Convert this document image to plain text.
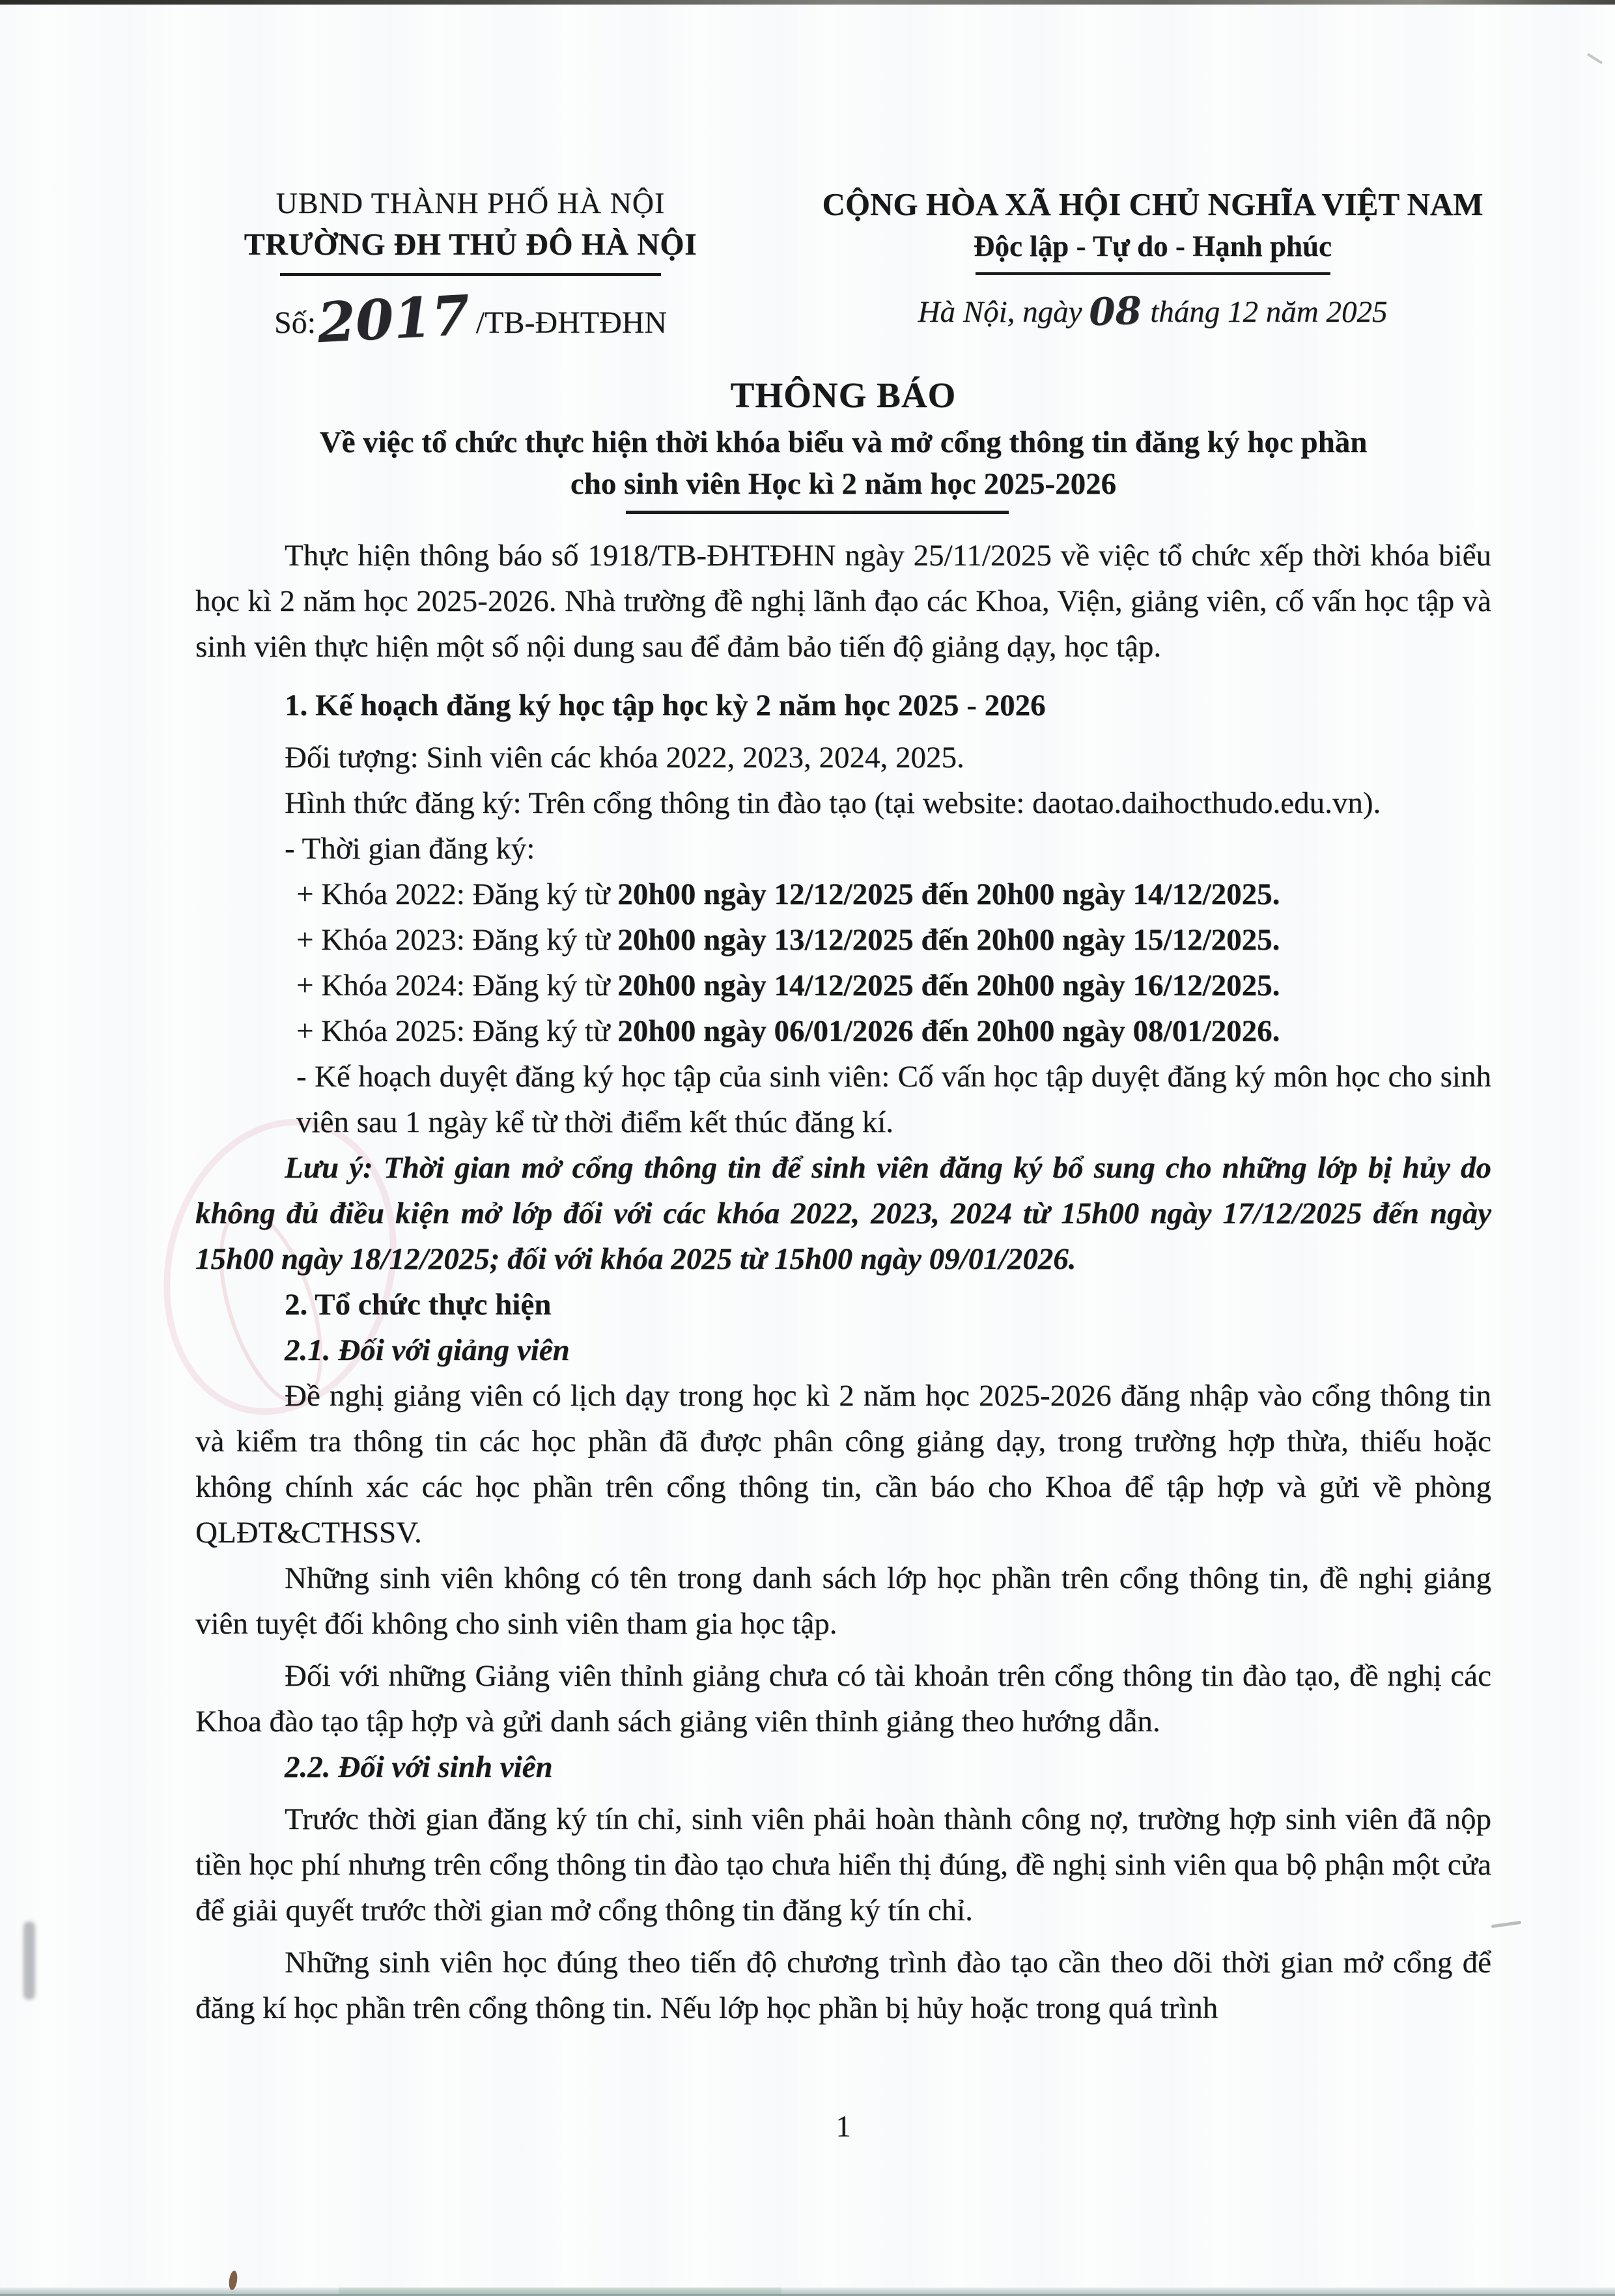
UBND THÀNH PHỐ HÀ NỘI
TRƯỜNG ĐH THỦ ĐÔ HÀ NỘI
Số:2017 /TB-ĐHTĐHN
CỘNG HÒA XÃ HỘI CHỦ NGHĨA VIỆT NAM
Độc lập - Tự do - Hạnh phúc
Hà Nội, ngày 08 tháng 12 năm 2025
THÔNG BÁO
Về việc tổ chức thực hiện thời khóa biểu và mở cổng thông tin đăng ký học phần
cho sinh viên Học kì 2 năm học 2025-2026

Thực hiện thông báo số 1918/TB-ĐHTĐHN ngày 25/11/2025 về việc tổ chức xếp thời khóa biểu học kì 2 năm học 2025-2026. Nhà trường đề nghị lãnh đạo các Khoa, Viện, giảng viên, cố vấn học tập và sinh viên thực hiện một số nội dung sau để đảm bảo tiến độ giảng dạy, học tập.

1. Kế hoạch đăng ký học tập học kỳ 2 năm học 2025 - 2026
Đối tượng: Sinh viên các khóa 2022, 2023, 2024, 2025.
Hình thức đăng ký: Trên cổng thông tin đào tạo (tại website: daotao.daihocthudo.edu.vn).
- Thời gian đăng ký:
+ Khóa 2022: Đăng ký từ 20h00 ngày 12/12/2025 đến 20h00 ngày 14/12/2025.
+ Khóa 2023: Đăng ký từ 20h00 ngày 13/12/2025 đến 20h00 ngày 15/12/2025.
+ Khóa 2024: Đăng ký từ 20h00 ngày 14/12/2025 đến 20h00 ngày 16/12/2025.
+ Khóa 2025: Đăng ký từ 20h00 ngày 06/01/2026 đến 20h00 ngày 08/01/2026.
- Kế hoạch duyệt đăng ký học tập của sinh viên: Cố vấn học tập duyệt đăng ký môn học cho sinh viên sau 1 ngày kể từ thời điểm kết thúc đăng kí.

Lưu ý: Thời gian mở cổng thông tin để sinh viên đăng ký bổ sung cho những lớp bị hủy do không đủ điều kiện mở lớp đối với các khóa 2022, 2023, 2024 từ 15h00 ngày 17/12/2025 đến ngày 15h00 ngày 18/12/2025; đối với khóa 2025 từ 15h00 ngày 09/01/2026.

2. Tổ chức thực hiện
2.1. Đối với giảng viên

Đề nghị giảng viên có lịch dạy trong học kì 2 năm học 2025-2026 đăng nhập vào cổng thông tin và kiểm tra thông tin các học phần đã được phân công giảng dạy, trong trường hợp thừa, thiếu hoặc không chính xác các học phần trên cổng thông tin, cần báo cho Khoa để tập hợp và gửi về phòng QLĐT&CTHSSV.

Những sinh viên không có tên trong danh sách lớp học phần trên cổng thông tin, đề nghị giảng viên tuyệt đối không cho sinh viên tham gia học tập.

Đối với những Giảng viên thỉnh giảng chưa có tài khoản trên cổng thông tin đào tạo, đề nghị các Khoa đào tạo tập hợp và gửi danh sách giảng viên thỉnh giảng theo hướng dẫn.

2.2. Đối với sinh viên

Trước thời gian đăng ký tín chỉ, sinh viên phải hoàn thành công nợ, trường hợp sinh viên đã nộp tiền học phí nhưng trên cổng thông tin đào tạo chưa hiển thị đúng, đề nghị sinh viên qua bộ phận một cửa để giải quyết trước thời gian mở cổng thông tin đăng ký tín chỉ.

Những sinh viên học đúng theo tiến độ chương trình đào tạo cần theo dõi thời gian mở cổng để đăng kí học phần trên cổng thông tin. Nếu lớp học phần bị hủy hoặc trong quá trình

1
